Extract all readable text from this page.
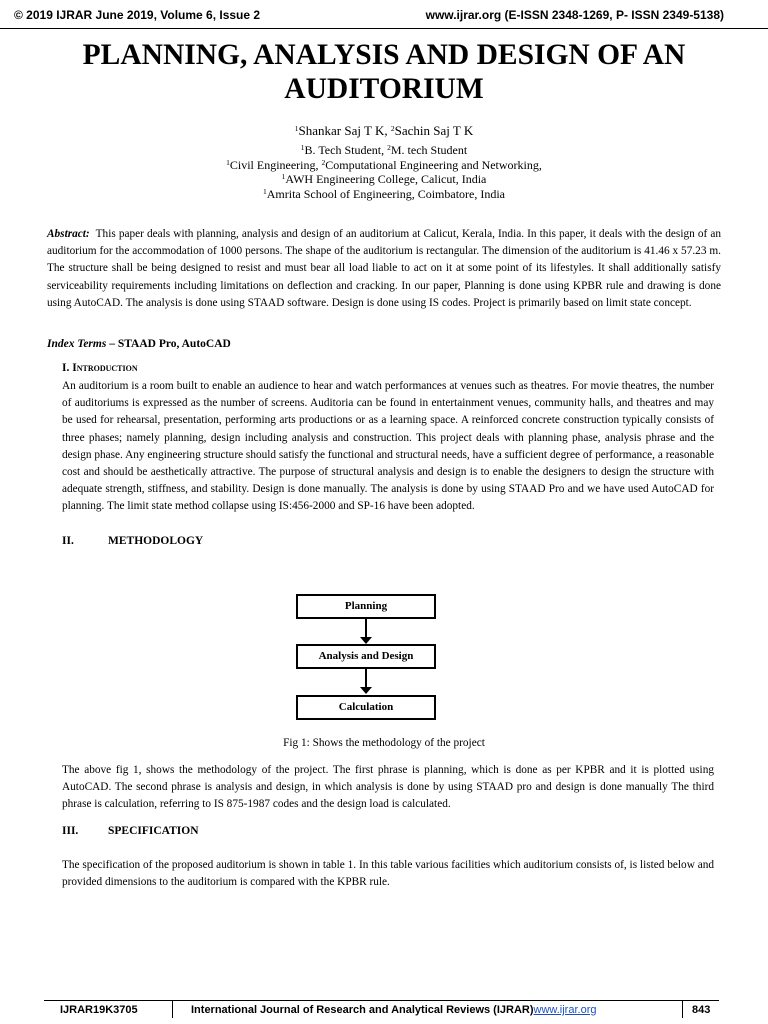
© 2019 IJRAR June 2019, Volume 6, Issue 2	www.ijrar.org (E-ISSN 2348-1269, P- ISSN 2349-5138)
PLANNING, ANALYSIS AND DESIGN OF AN
AUDITORIUM
$^1$Shankar Saj T K, $^2$Sachin Saj T K
$^1$B. Tech Student, $^2$M. tech Student
$^1$Civil Engineering, $^2$Computational Engineering and Networking,
$^1$AWH Engineering College, Calicut, India
$^1$Amrita School of Engineering, Coimbatore, India
Abstract: This paper deals with planning, analysis and design of an auditorium at Calicut, Kerala, India. In this paper, it deals with the design of an auditorium for the accommodation of 1000 persons. The shape of the auditorium is rectangular. The dimension of the auditorium is 41.46 x 57.23 m. The structure shall be being designed to resist and must bear all load liable to act on it at some point of its lifestyles. It shall additionally satisfy serviceability requirements including limitations on deflection and cracking. In our paper, Planning is done using KPBR rule and drawing is done using AutoCAD. The analysis is done using STAAD software. Design is done using IS codes. Project is primarily based on limit state concept.
Index Terms – STAAD Pro, AutoCAD
I. Introduction
An auditorium is a room built to enable an audience to hear and watch performances at venues such as theatres. For movie theatres, the number of auditoriums is expressed as the number of screens. Auditoria can be found in entertainment venues, community halls, and theatres and may be used for rehearsal, presentation, performing arts productions or as a learning space. A reinforced concrete construction typically consists of three phases; namely planning, design including analysis and construction. This project deals with planning phase, analysis phrase and the design phase. Any engineering structure should satisfy the functional and structural needs, have a sufficient degree of performance, a reasonable cost and should be aesthetically attractive. The purpose of structural analysis and design is to enable the designers to design the structure with adequate strength, stiffness, and stability. Design is done manually. The analysis is done by using STAAD Pro and we have used AutoCAD for planning. The limit state method collapse using IS:456-2000 and SP-16 have been adopted.
II.	METHODOLOGY
Planning
Analysis and Design
Calculation
Fig 1: Shows the methodology of the project
The above fig 1, shows the methodology of the project. The first phrase is planning, which is done as per KPBR and it is plotted using AutoCAD. The second phrase is analysis and design, in which analysis is done by using STAAD pro and design is done manually The third phrase is calculation, referring to IS 875-1987 codes and the design load is calculated.
III.	SPECIFICATION
The specification of the proposed auditorium is shown in table 1. In this table various facilities which auditorium consists of, is listed below and provided dimensions to the auditorium is compared with the KPBR rule.
IJRAR19K3705	International Journal of Research and Analytical Reviews (IJRAR)www.ijrar.org	843
